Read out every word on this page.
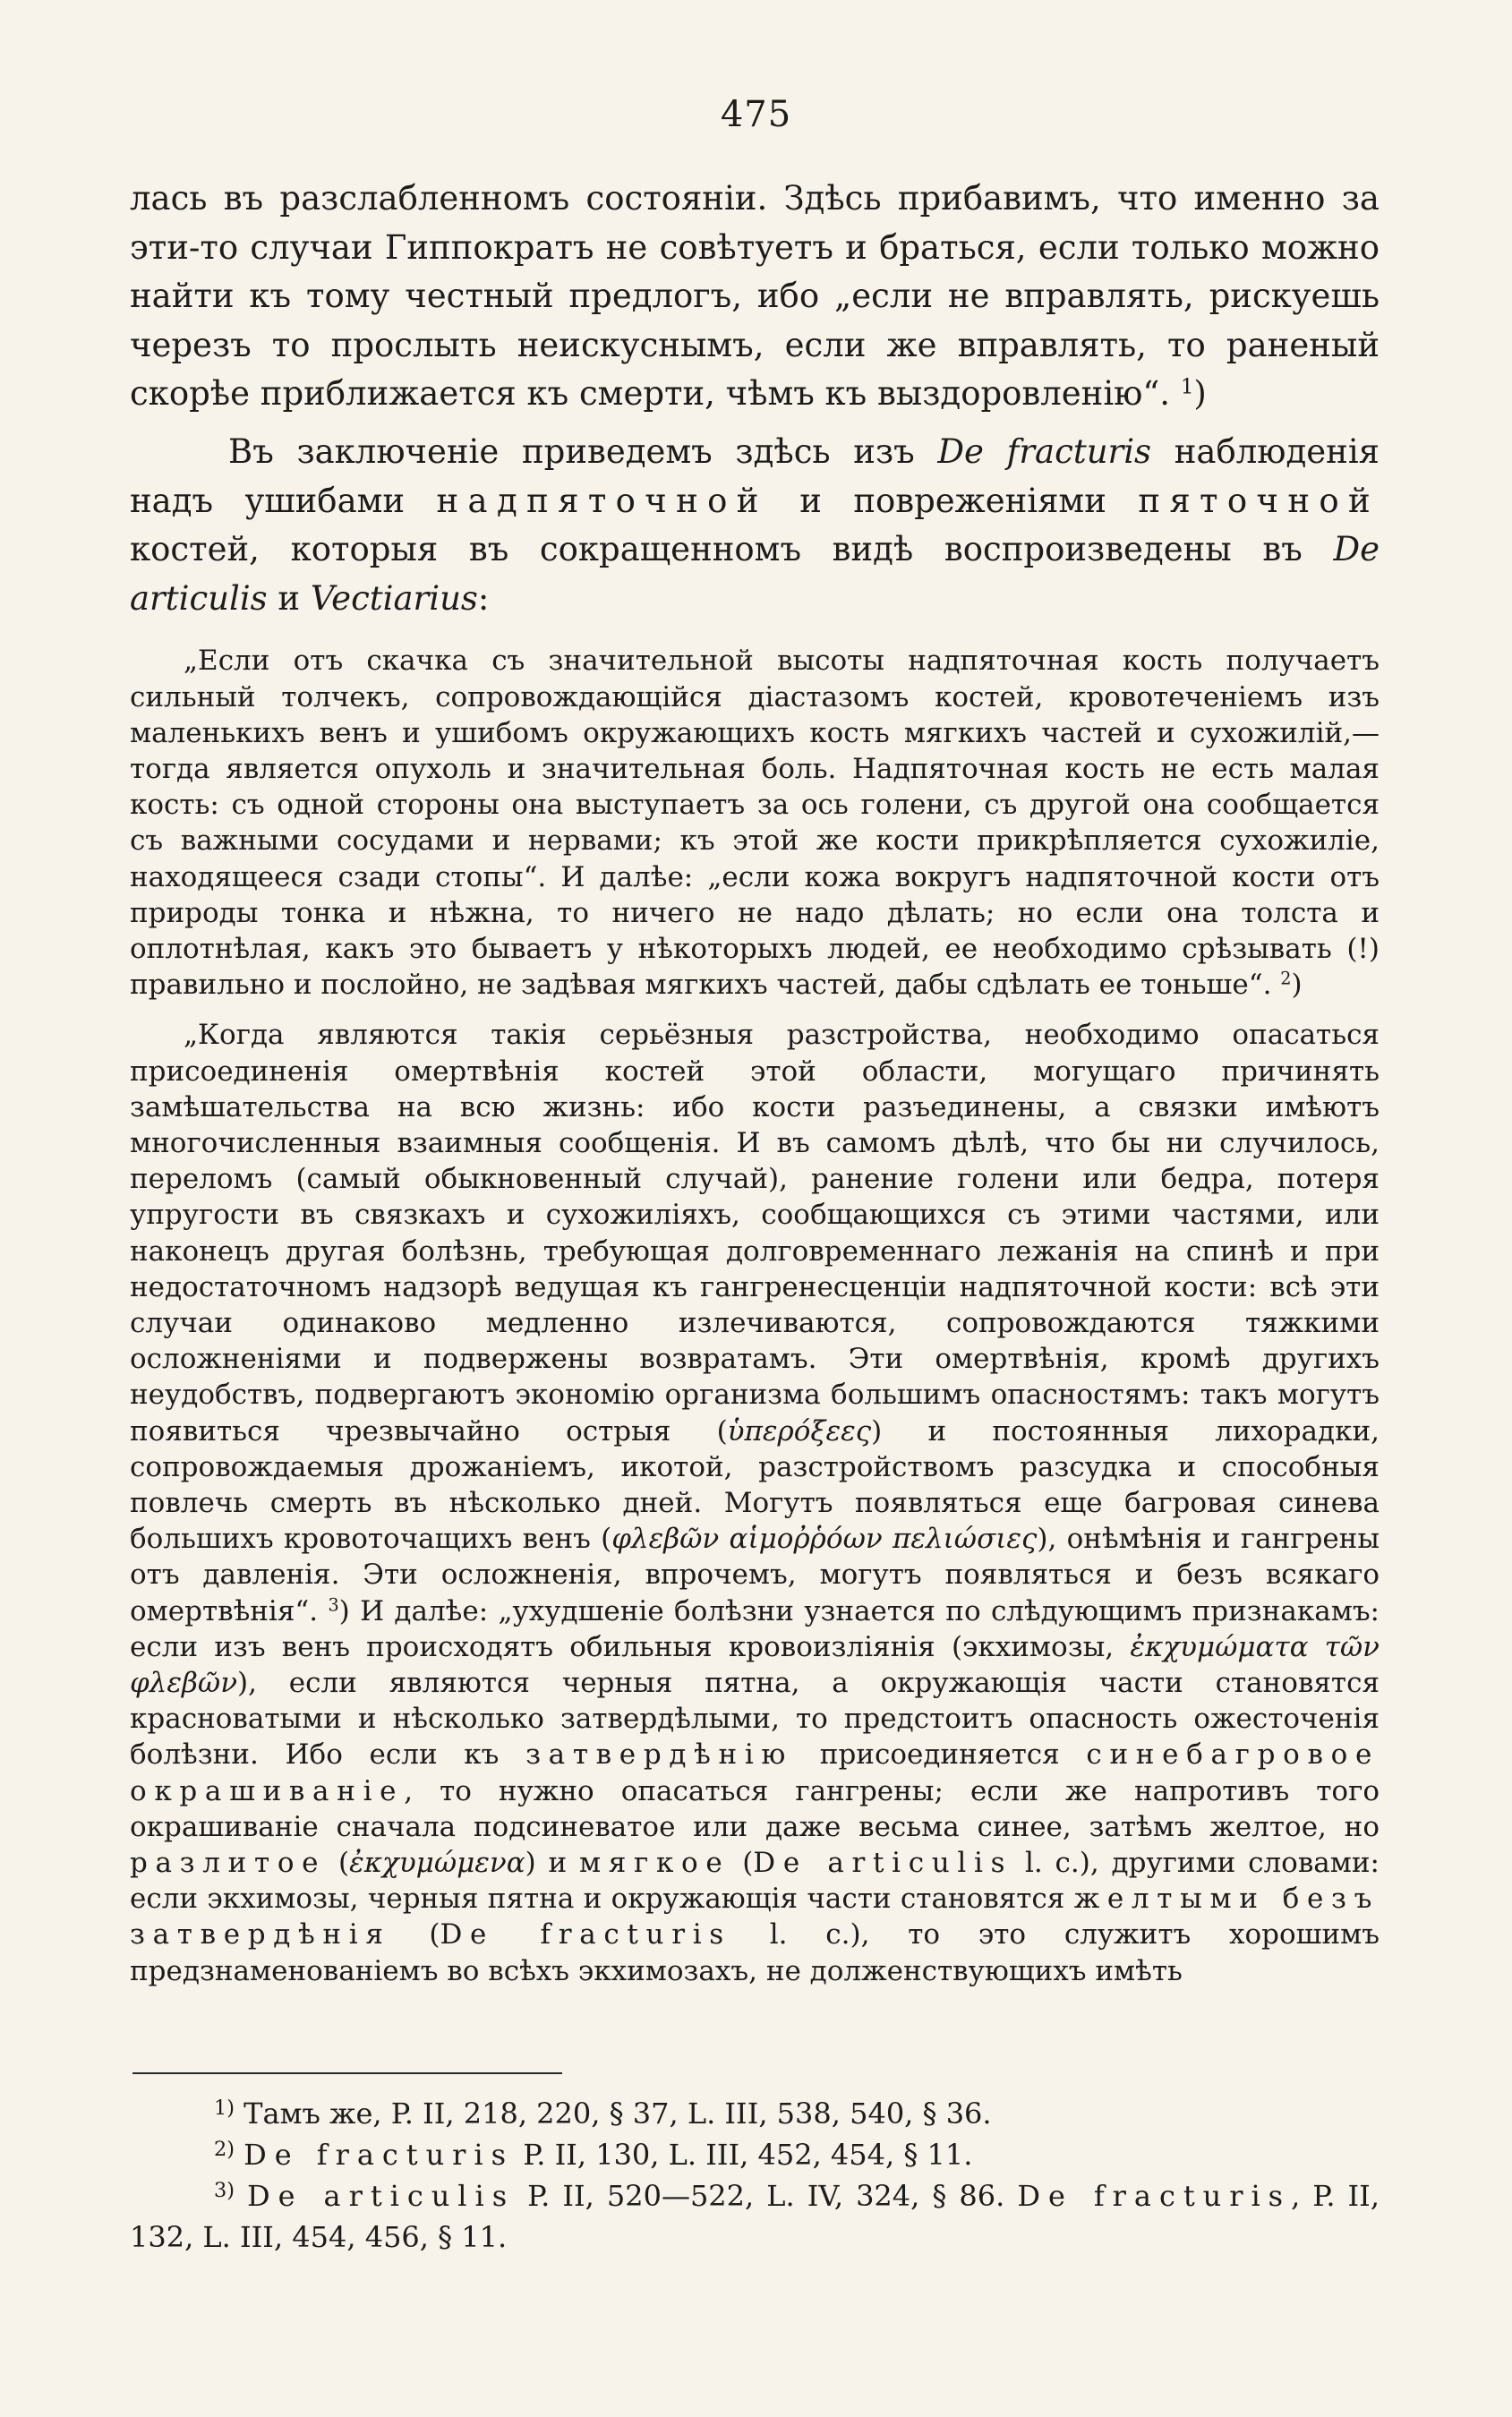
475

лась въ разслабленномъ состоянiи. Здѣсь прибавимъ, что именно за эти-то случаи Гиппократъ не совѣтуетъ и браться, если только можно найти къ тому честный предлогъ, ибо „если не вправлять, рискуешь черезъ то прослыть неискуснымъ, если же вправлять, то раненый скорѣе приближается къ смерти, чѣмъ къ выздоровленiю“. $^1$)

Въ заключенiе приведемъ здѣсь изъ De fracturis наблюденiя надъ ушибами надпяточной и повреженiями пяточной костей, которыя въ сокращенномъ видѣ воспроизведены въ De articulis и Vectiarius:

„Если отъ скачка съ значительной высоты надпяточная кость получаетъ сильный толчекъ, сопровождающiйся дiастазомъ костей, кровотеченiемъ изъ маленькихъ венъ и ушибомъ окружающихъ кость мягкихъ частей и сухожилiй,—тогда является опухоль и значительная боль. Надпяточная кость не есть малая кость: съ одной стороны она выступаетъ за ось голени, съ другой она сообщается съ важными сосудами и нервами; къ этой же кости прикрѣпляется сухожилiе, находящееся сзади стопы“. И далѣе: „если кожа вокругъ надпяточной кости отъ природы тонка и нѣжна, то ничего не надо дѣлать; но если она толста и оплотнѣлая, какъ это бываетъ у нѣкоторыхъ людей, ее необходимо срѣзывать (!) правильно и послойно, не задѣвая мягкихъ частей, дабы сдѣлать ее тоньше“. $^2$)

„Когда являются такiя серьёзныя разстройства, необходимо опасаться присоединенiя омертвѣнiя костей этой области, могущаго причинять замѣшательства на всю жизнь: ибо кости разъединены, а связки имѣютъ многочисленныя взаимныя сообщенiя. И въ самомъ дѣлѣ, что бы ни случилось, переломъ (самый обыкновенный случай), ранение голени или бедра, потеря упругости въ связкахъ и сухожилiяхъ, сообщающихся съ этими частями, или наконецъ другая болѣзнь, требующая долговременнаго лежанiя на спинѣ и при недостаточномъ надзорѣ ведущая къ гангренесценцiи надпяточной кости: всѣ эти случаи одинаково медленно излечиваются, сопровождаются тяжкими осложненiями и подвержены возвратамъ. Эти омертвѣнiя, кромѣ другихъ неудобствъ, подвергаютъ экономiю организма большимъ опасностямъ: такъ могутъ появиться чрезвычайно острыя (ὑπερόξεες) и постоянныя лихорадки, сопровождаемыя дрожанiемъ, икотой, разстройствомъ разсудка и способныя повлечь смерть въ нѣсколько дней. Могутъ появляться еще багровая синева большихъ кровоточащихъ венъ (φλεβῶν αἱμοῤῥόων πελιώσιες), онѣмѣнiя и гангрены отъ давленiя. Эти осложненiя, впрочемъ, могутъ появляться и безъ всякаго омертвѣнiя“. $^3$) И далѣе: „ухудшенiе болѣзни узнается по слѣдующимъ признакамъ: если изъ венъ происходятъ обильныя кровоизлiянiя (экхимозы, ἐκχυμώματα τῶν φλεβῶν), если являются черныя пятна, а окружающiя части становятся красноватыми и нѣсколько затвердѣлыми, то предстоитъ опасность ожесточенiя болѣзни. Ибо если къ затвердѣнiю присоединяется синебагровое окрашиванiе, то нужно опасаться гангрены; если же напротивъ того окрашиванiе сначала подсиневатое или даже весьма синее, затѣмъ желтое, но разлитое (ἐκχυμώμενα) и мягкое (De articulis l. c.), другими словами: если экхимозы, черныя пятна и окружающiя части становятся желтыми безъ затвердѣнiя (De fracturis l. c.), то это служитъ хорошимъ предзнаменованiемъ во всѣхъ экхимозахъ, не долженствующихъ имѣть

$^{1)}$ Тамъ же, P. II, 218, 220, § 37, L. III, 538, 540, § 36.

$^{2)}$ De fracturis P. II, 130, L. III, 452, 454, § 11.

$^{3)}$ De articulis P. II, 520—522, L. IV, 324, § 86. De fracturis, P. II, 132, L. III, 454, 456, § 11.
